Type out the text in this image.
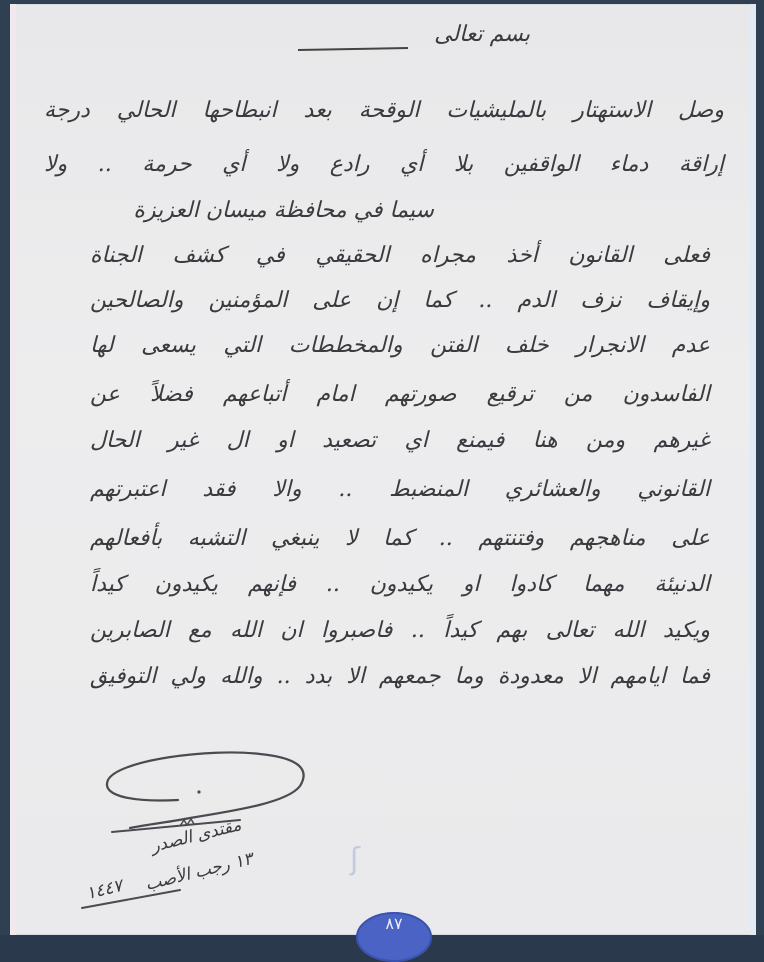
بسم تعالى
وصل الاستهتار بالمليشيات الوقحة بعد انبطاحها الحالي درجة
إراقة دماء الواقفين بلا أي رادع ولا أي حرمة .. ولا
سيما في محافظة ميسان العزيزة
فعلى القانون أخذ مجراه الحقيقي في كشف الجناة
وإيقاف نزف الدم .. كما إن على المؤمنين والصالحين
عدم الانجرار خلف الفتن والمخططات التي يسعى لها
الفاسدون من ترقيع صورتهم امام أتباعهم فضلاً عن
غيرهم ومن هنا فيمنع اي تصعيد او ال غير الحال
القانوني والعشائري المنضبط .. والا فقد اعتبرتهم
على مناهجهم وفتنتهم .. كما لا ينبغي التشبه بأفعالهم
الدنيئة مهما كادوا او يكيدون .. فإنهم يكيدون كيداً
ويكيد الله تعالى بهم كيداً .. فاصبروا ان الله مع الصابرين
فما ايامهم الا معدودة وما جمعهم الا بدد .. والله ولي التوفيق
مقتدى الصدر
١٣ رجب الأصب
١٤٤٧
ʃ
٨٧
